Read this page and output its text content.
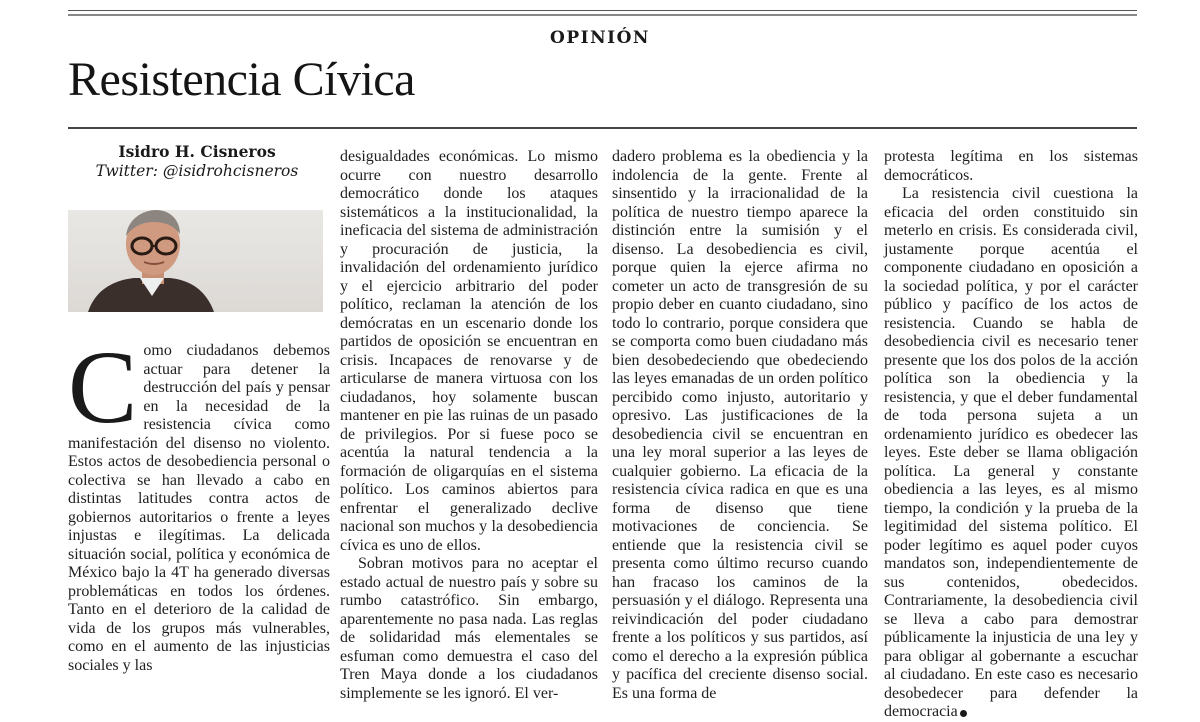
OPINIÓN
Resistencia Cívica
Isidro H. Cisneros
Twitter: @isidrohcisneros

Como ciudadanos debemos actuar para detener la destrucción del país y pensar en la necesidad de la resistencia cívica como manifestación del disenso no violento. Estos actos de desobediencia personal o colectiva se han llevado a cabo en distintas latitudes contra actos de gobiernos autoritarios o frente a leyes injustas e ilegítimas. La delicada situación social, política y económica de México bajo la 4T ha generado diversas problemáticas en todos los órdenes. Tanto en el deterioro de la calidad de vida de los grupos más vulnerables, como en el aumento de las injusticias sociales y las

desigualdades económicas. Lo mismo ocurre con nuestro desarrollo democrático donde los ataques sistemáticos a la institucionalidad, la ineficacia del sistema de administración y procuración de justicia, la invalidación del ordenamiento jurídico y el ejercicio arbitrario del poder político, reclaman la atención de los demócratas en un escenario donde los partidos de oposición se encuentran en crisis. Incapaces de renovarse y de articularse de manera virtuosa con los ciudadanos, hoy solamente buscan mantener en pie las ruinas de un pasado de privilegios. Por si fuese poco se acentúa la natural tendencia a la formación de oligarquías en el sistema político. Los caminos abiertos para enfrentar el generalizado declive nacional son muchos y la desobediencia cívica es uno de ellos.

Sobran motivos para no aceptar el estado actual de nuestro país y sobre su rumbo catastrófico. Sin embargo, aparentemente no pasa nada. Las reglas de solidaridad más elementales se esfuman como demuestra el caso del Tren Maya donde a los ciudadanos simplemente se les ignoró. El ver-

dadero problema es la obediencia y la indolencia de la gente. Frente al sinsentido y la irracionalidad de la política de nuestro tiempo aparece la distinción entre la sumisión y el disenso. La desobediencia es civil, porque quien la ejerce afirma no cometer un acto de transgresión de su propio deber en cuanto ciudadano, sino todo lo contrario, porque considera que se comporta como buen ciudadano más bien desobedeciendo que obedeciendo las leyes emanadas de un orden político percibido como injusto, autoritario y opresivo. Las justificaciones de la desobediencia civil se encuentran en una ley moral superior a las leyes de cualquier gobierno. La eficacia de la resistencia cívica radica en que es una forma de disenso que tiene motivaciones de conciencia. Se entiende que la resistencia civil se presenta como último recurso cuando han fracaso los caminos de la persuasión y el diálogo. Representa una reivindicación del poder ciudadano frente a los políticos y sus partidos, así como el derecho a la expresión pública y pacífica del creciente disenso social. Es una forma de

protesta legítima en los sistemas democráticos.

La resistencia civil cuestiona la eficacia del orden constituido sin meterlo en crisis. Es considerada civil, justamente porque acentúa el componente ciudadano en oposición a la sociedad política, y por el carácter público y pacífico de los actos de resistencia. Cuando se habla de desobediencia civil es necesario tener presente que los dos polos de la acción política son la obediencia y la resistencia, y que el deber fundamental de toda persona sujeta a un ordenamiento jurídico es obedecer las leyes. Este deber se llama obligación política. La general y constante obediencia a las leyes, es al mismo tiempo, la condición y la prueba de la legitimidad del sistema político. El poder legítimo es aquel poder cuyos mandatos son, independientemente de sus contenidos, obedecidos. Contrariamente, la desobediencia civil se lleva a cabo para demostrar públicamente la injusticia de una ley y para obligar al gobernante a escuchar al ciudadano. En este caso es necesario desobedecer para defender la democracia
